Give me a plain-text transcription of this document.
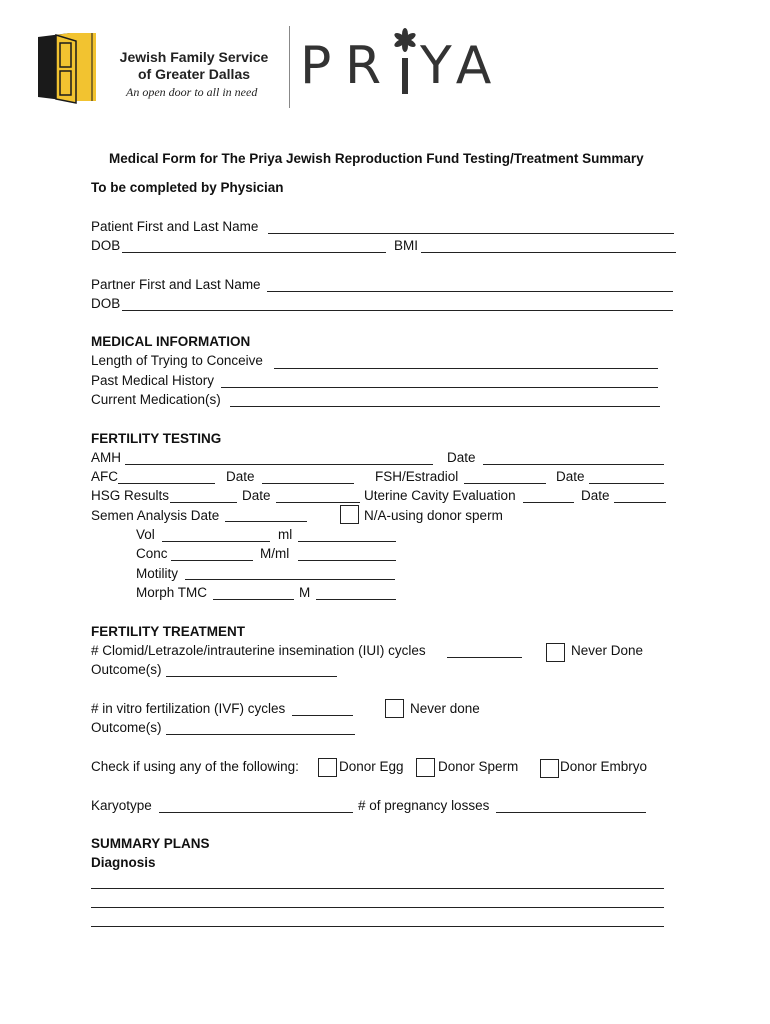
Jewish Family Service
of Greater Dallas
An open door to all in need P R YA
Medical Form for The Priya Jewish Reproduction Fund Testing/Treatment Summary
To be completed by Physician
Patient First and Last Name
DOB	BMI
Partner First and Last Name
DOB
MEDICAL INFORMATION
Length of Trying to Conceive
Past Medical History
Current Medication(s)
FERTILITY TESTING
AMH	Date
AFC	Date	FSH/Estradiol	Date
HSG Results	Date	Uterine Cavity Evaluation	Date
Semen Analysis Date	N/A-using donor sperm
Vol	ml
Conc	M/ml
Motility
Morph TMC	M
FERTILITY TREATMENT
# Clomid/Letrazole/intrauterine insemination (IUI) cycles	Never Done
Outcome(s)
# in vitro fertilization (IVF) cycles	Never done
Outcome(s)
Check if using any of the following:	Donor Egg	Donor Sperm	Donor Embryo
Karyotype	# of pregnancy losses
SUMMARY PLANS
Diagnosis
